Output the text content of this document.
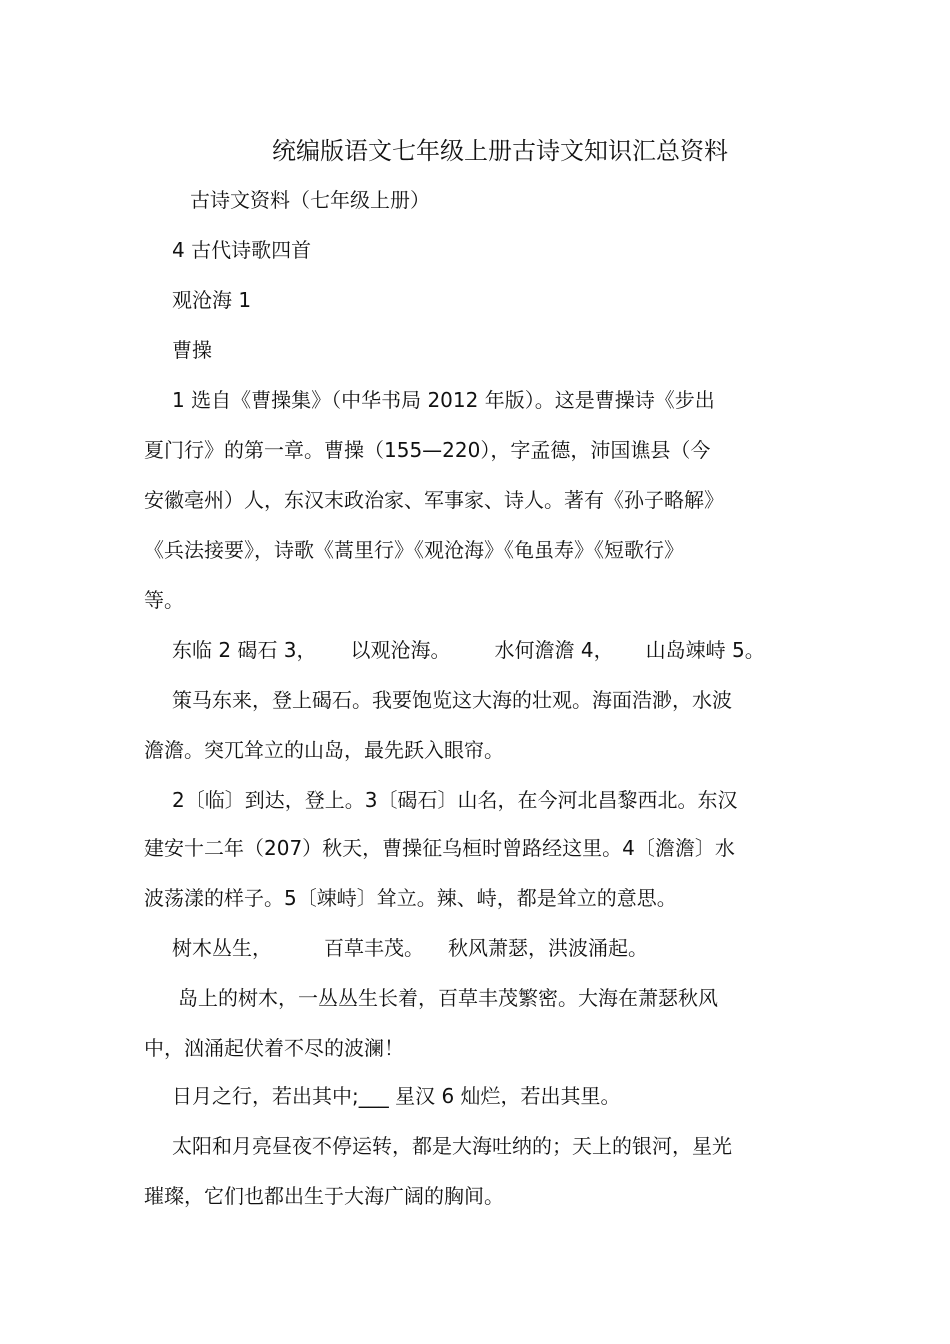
统编版语文七年级上册古诗文知识汇总资料
古诗文资料（七年级上册）
4 古代诗歌四首
观沧海 1
曹操
1 选自《曹操集》（中华书局 2012 年版）。这是曹操诗《步出
夏门行》的第一章。曹操（155—220），字孟德，沛国谯县（今
安徽亳州）人，东汉末政治家、军事家、诗人。著有《孙子略解》
《兵法接要》，诗歌《蒿里行》《观沧海》《龟虽寿》《短歌行》
等。
东临 2 碣石 3， 以观沧海。 水何澹澹 4， 山岛竦峙 5。
策马东来，登上碣石。我要饱览这大海的壮观。海面浩渺，水波
澹澹。突兀耸立的山岛，最先跃入眼帘。
2〔临〕到达，登上。3〔碣石〕山名，在今河北昌黎西北。东汉
建安十二年（207）秋天，曹操征乌桓时曾路经这里。4〔澹澹〕水
波荡漾的样子。5〔竦峙〕耸立。辣、峙，都是耸立的意思。
树木丛生，	百草丰茂。 秋风萧瑟，洪波涌起。
岛上的树木，一丛丛生长着，百草丰茂繁密。大海在萧瑟秋风
中，汹涌起伏着不尽的波澜！
日月之行，若出其中;___ 星汉 6 灿烂，若出其里。
太阳和月亮昼夜不停运转，都是大海吐纳的；天上的银河，星光
璀璨，它们也都出生于大海广阔的胸间。
